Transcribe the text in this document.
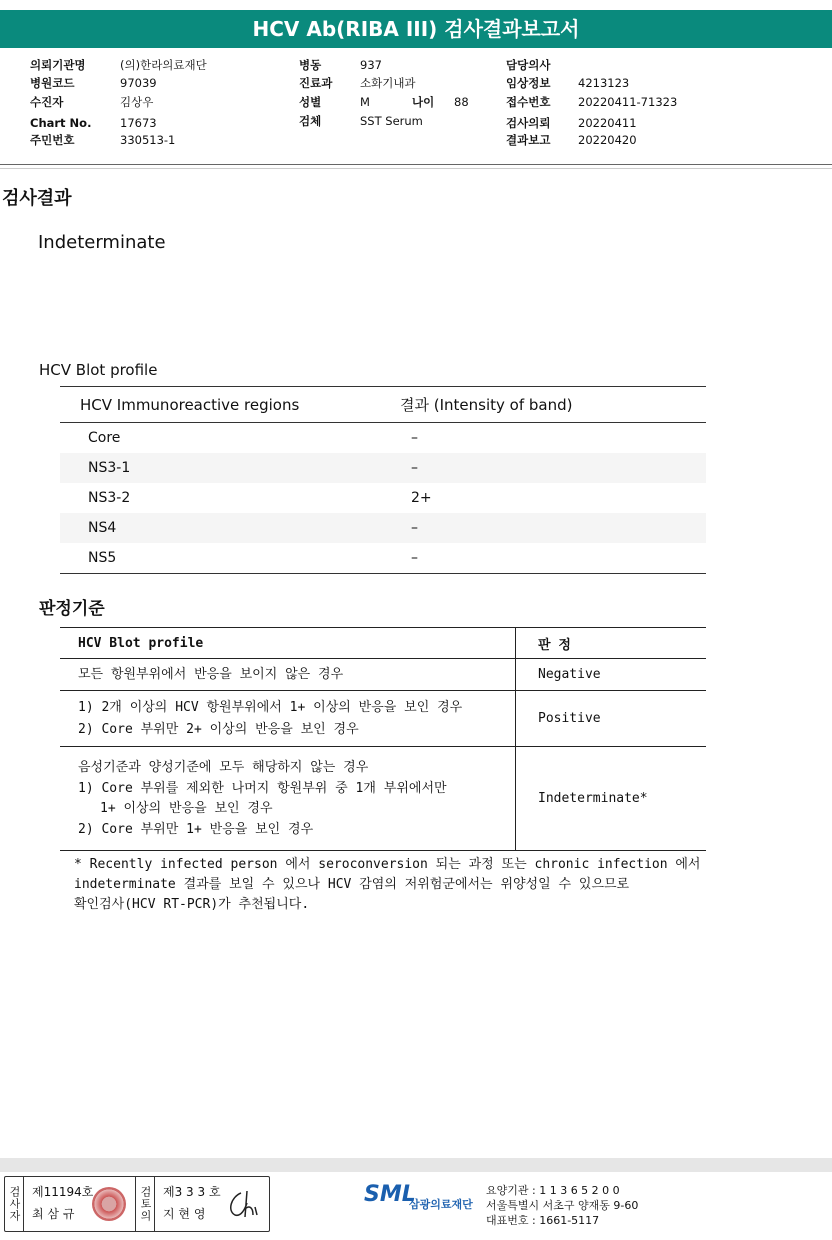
HCV Ab(RIBA III) 검사결과보고서
의뢰기관명	(의)한라의료재단
병원코드	97039
수진자	김상우
Chart No. 17673
주민번호	330513-1
병동	937
진료과 소화기내과
성별	M	나이 88
검체	SST Serum
담당의사
임상정보 4213123
접수번호 20220411-71323
검사의뢰 20220411
결과보고 20220420
검사결과
Indeterminate
HCV Blot profile
HCV Immunoreactive regions	결과 (Intensity of band)
Core	–
NS3-1	–
NS3-2	2+
NS4	–
NS5	–
판정기준
HCV Blot profile	판 정

모든 항원부위에서 반응을 보이지 않은 경우	Negative

1) 2개 이상의 HCV 항원부위에서 1+ 이상의 반응을 보인 경우
2) Core 부위만 2+ 이상의 반응을 보인 경우	Positive

음성기준과 양성기준에 모두 해당하지 않는 경우
1) Core 부위를 제외한 나머지 항원부위 중 1개 부위에서만
1+ 이상의 반응을 보인 경우
2) Core 부위만 1+ 반응을 보인 경우	Indeterminate*
* Recently infected person 에서 seroconversion 되는 과정 또는 chronic infection 에서
indeterminate 결과를 보일 수 있으나 HCV 감염의 저위험군에서는 위양성일 수 있으므로
확인검사(HCV RT-PCR)가 추천됩니다.
검사자 제11194호
최 삼 규	검토의 제3 3 3 호
지 현 영
SML
삼광의료재단
요양기관 : 1 1 3 6 5 2 0 0
서울특별시 서초구 양재동 9-60
대표번호 : 1661-5117
